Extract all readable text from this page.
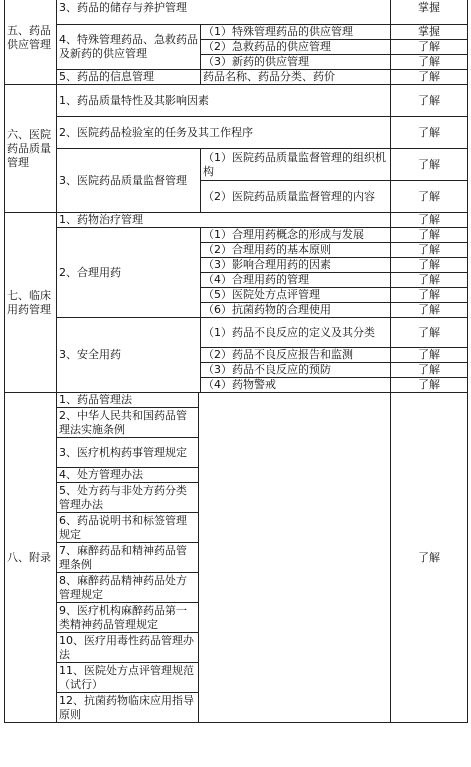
五、药品供应管理	3、药品的储存与养护管理			掌握

	4、特殊管理药品、急救药品及新药的供应管理		（1）特殊管理药品的供应管理	掌握
			（2）急救药品的供应管理	了解
			（3）新药的供应管理	了解

	5、药品的信息管理		药品名称、药品分类、药价	了解

六、医院药品质量管理	1、药品质量特性及其影响因素			了解

	2、医院药品检验室的任务及其工作程序			了解

	3、医院药品质量监督管理		（1）医院药品质量监督管理的组织机构	了解
			（2）医院药品质量监督管理的内容	了解

七、临床用药管理	1、药物治疗管理			了解

	2、合理用药		（1）合理用药概念的形成与发展	了解
			（2）合理用药的基本原则	了解
			（3）影响合理用药的因素	了解
			（4）合理用药的管理	了解
			（5）医院处方点评管理	了解
			（6）抗菌药物的合理使用	了解

	3、安全用药		（1）药品不良反应的定义及其分类	了解
			（2）药品不良反应报告和监测	了解
			（3）药品不良反应的预防	了解
			（4）药物警戒	了解

八、附录	1、药品管理法			了解

	2、中华人民共和国药品管理法实施条例			

	3、医疗机构药事管理规定			

	4、处方管理办法			

	5、处方药与非处方药分类管理办法			

	6、药品说明书和标签管理规定			

	7、麻醉药品和精神药品管理条例			

	8、麻醉药品精神药品处方管理规定			

	9、医疗机构麻醉药品第一类精神药品管理规定			

	10、医疗用毒性药品管理办法			

	11、医院处方点评管理规范（试行）			

	12、抗菌药物临床应用指导原则			
